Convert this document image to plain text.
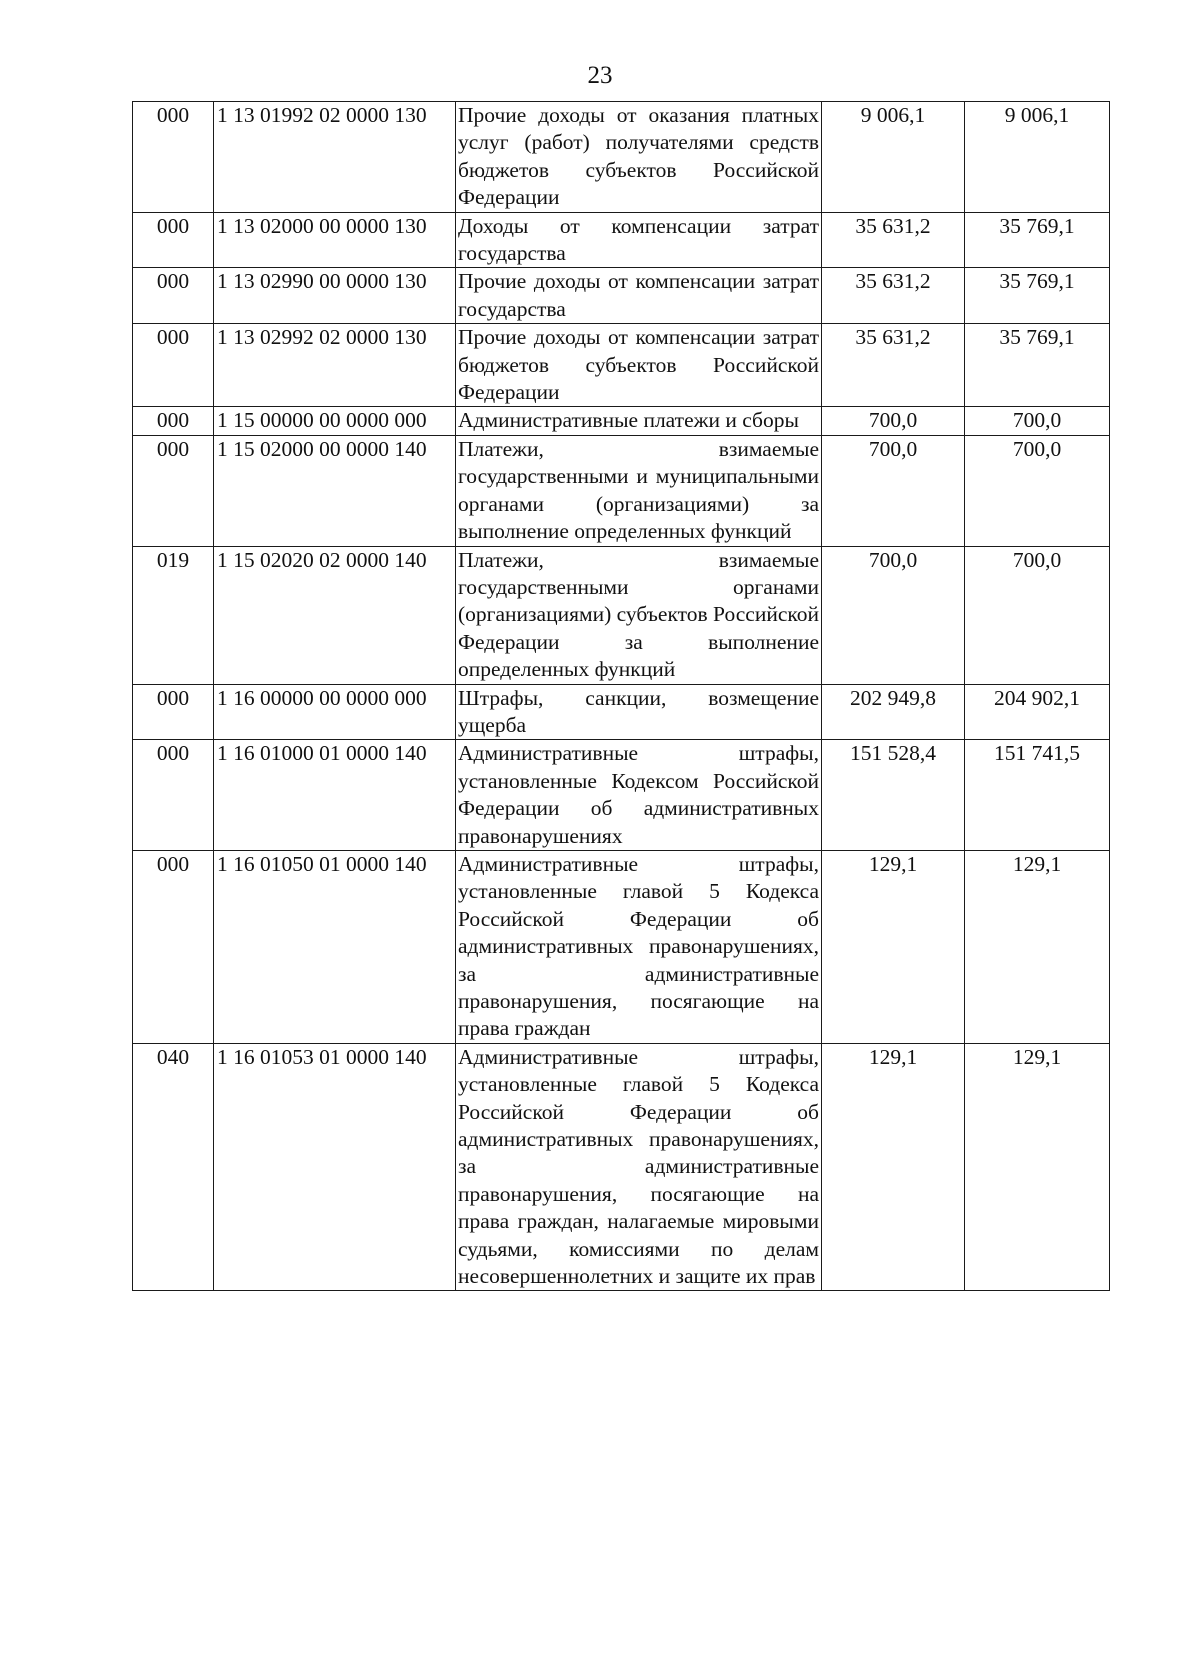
23
000	1 13 01992 02 0000 130	Прочие доходы от оказания платных услуг (работ) получателями средств бюджетов субъектов Российской Федерации	9 006,1	9 006,1
000	1 13 02000 00 0000 130	Доходы от компенсации затрат государства	35 631,2	35 769,1
000	1 13 02990 00 0000 130	Прочие доходы от компенсации затрат государства	35 631,2	35 769,1
000	1 13 02992 02 0000 130	Прочие доходы от компенсации затрат бюджетов субъектов Российской Федерации	35 631,2	35 769,1
000	1 15 00000 00 0000 000	Административные платежи и сборы	700,0	700,0
000	1 15 02000 00 0000 140	Платежи, взимаемые государственными и муниципальными органами (организациями) за выполнение определенных функций	700,0	700,0
019	1 15 02020 02 0000 140	Платежи, взимаемые государственными органами (организациями) субъектов Российской Федерации за выполнение определенных функций	700,0	700,0
000	1 16 00000 00 0000 000	Штрафы, санкции, возмещение ущерба	202 949,8	204 902,1
000	1 16 01000 01 0000 140	Административные штрафы, установленные Кодексом Российской Федерации об административных правонарушениях	151 528,4	151 741,5
000	1 16 01050 01 0000 140	Административные штрафы, установленные главой 5 Кодекса Российской Федерации об административных правонарушениях, за административные правонарушения, посягающие на права граждан	129,1	129,1
040	1 16 01053 01 0000 140	Административные штрафы, установленные главой 5 Кодекса Российской Федерации об административных правонарушениях, за административные правонарушения, посягающие на права граждан, налагаемые мировыми судьями, комиссиями по делам несовершеннолетних и защите их прав	129,1	129,1
